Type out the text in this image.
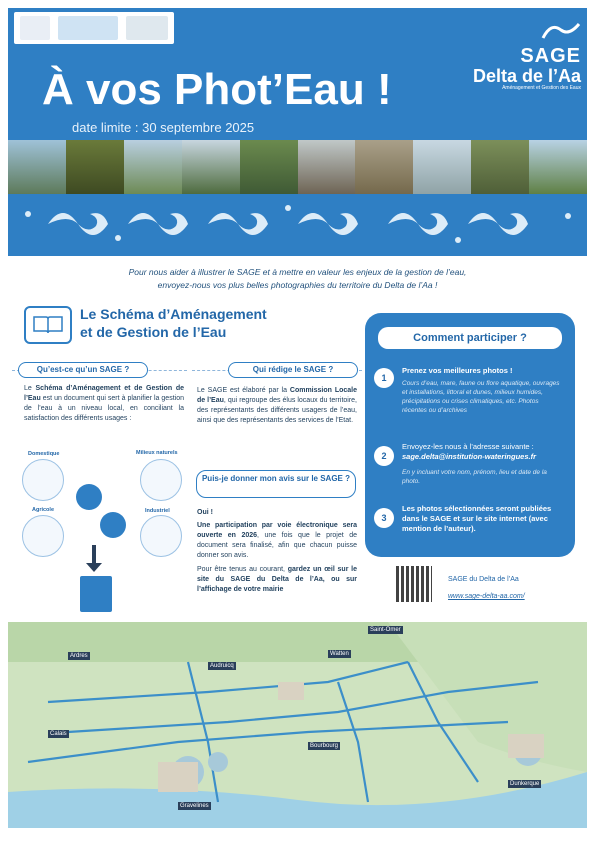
SAGE
Delta de l’Aa
Aménagement et Gestion des Eaux
À vos Phot’Eau !
date limite : 30 septembre 2025
Pour nous aider à illustrer le SAGE et à mettre en valeur les enjeux de la gestion de l’eau,
envoyez-nous vos plus belles photographies du territoire du Delta de l’Aa !
Le Schéma d’Aménagement
et de Gestion de l’Eau
Qu’est-ce qu’un SAGE ?
Le Schéma d’Aménagement et de Gestion de l’Eau est un document qui sert à planifier la gestion de l’eau à un niveau local, en conciliant la satisfaction des différents usages :
Domestique	Milieux naturels
Agricole	Industriel
Qui rédige le SAGE ?
Le SAGE est élaboré par la Commission Locale de l’Eau, qui regroupe des élus locaux du territoire, des représentants des différents usagers de l’eau, ainsi que des représentants des services de l’Etat.
Puis-je donner mon avis sur le SAGE ?
Oui !
Une participation par voie électronique sera ouverte en 2026, une fois que le projet de document sera finalisé, afin que chacun puisse donner son avis.
Pour être tenus au courant, gardez un œil sur le site du SAGE du Delta de l’Aa, ou sur l’affichage de votre mairie
Comment participer ?
1
Prenez vos meilleures photos !
Cours d’eau, mare, faune ou flore aquatique, ouvrages et installations, littoral et dunes, milieux humides, précipitations ou crises climatiques, etc. Photos récentes ou d’archives
2
Envoyez-les nous à l’adresse suivante :
sage.delta@institution-wateringues.fr
En y incluant votre nom, prénom, lieu et date de la photo.
3
Les photos sélectionnées seront publiées dans le SAGE et sur le site internet (avec mention de l’auteur).
SAGE du Delta de l’Aa
www.sage-delta-aa.com/
Calais
Gravelines
Dunkerque
Saint-Omer
Ardres
Audruicq
Watten
Bourbourg
